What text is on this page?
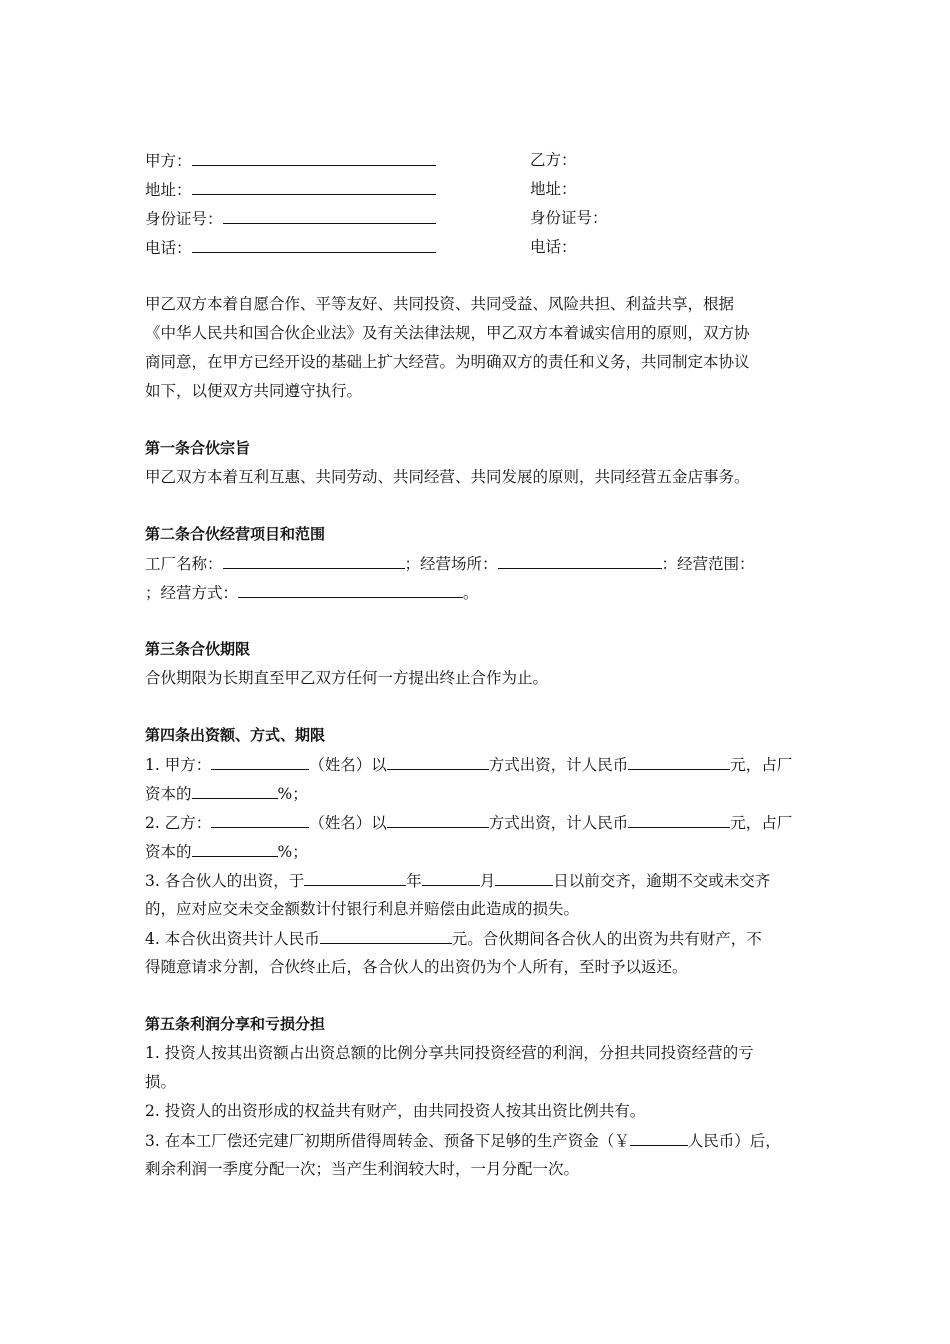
甲方：	乙方：
地址：	地址：
身份证号：	身份证号：
电话：	电话：
甲乙双方本着自愿合作、平等友好、共同投资、共同受益、风险共担、利益共享，根据
《中华人民共和国合伙企业法》及有关法律法规，甲乙双方本着诚实信用的原则，双方协
商同意，在甲方已经开设的基础上扩大经营。为明确双方的责任和义务，共同制定本协议
如下，以便双方共同遵守执行。
第一条合伙宗旨
甲乙双方本着互利互惠、共同劳动、共同经营、共同发展的原则，共同经营五金店事务。
第二条合伙经营项目和范围
工厂名称：	；经营场所：	：经营范围：
；经营方式：	。
第三条合伙期限
合伙期限为长期直至甲乙双方任何一方提出终止合作为止。
第四条出资额、方式、期限
1. 甲方：	（姓名）以	方式出资，计人民币	元，占厂
资本的	%；
2. 乙方：	（姓名）以	方式出资，计人民币	元，占厂
资本的	%；
3. 各合伙人的出资，于	年	月	日以前交齐，逾期不交或未交齐
的，应对应交未交金额数计付银行利息并赔偿由此造成的损失。
4. 本合伙出资共计人民币	元。合伙期间各合伙人的出资为共有财产，不
得随意请求分割，合伙终止后，各合伙人的出资仍为个人所有，至时予以返还。
第五条利润分享和亏损分担
1. 投资人按其出资额占出资总额的比例分享共同投资经营的利润，分担共同投资经营的亏
损。
2. 投资人的出资形成的权益共有财产，由共同投资人按其出资比例共有。
3. 在本工厂偿还完建厂初期所借得周转金、预备下足够的生产资金（￥	人民币）后，
剩余利润一季度分配一次；当产生利润较大时，一月分配一次。
